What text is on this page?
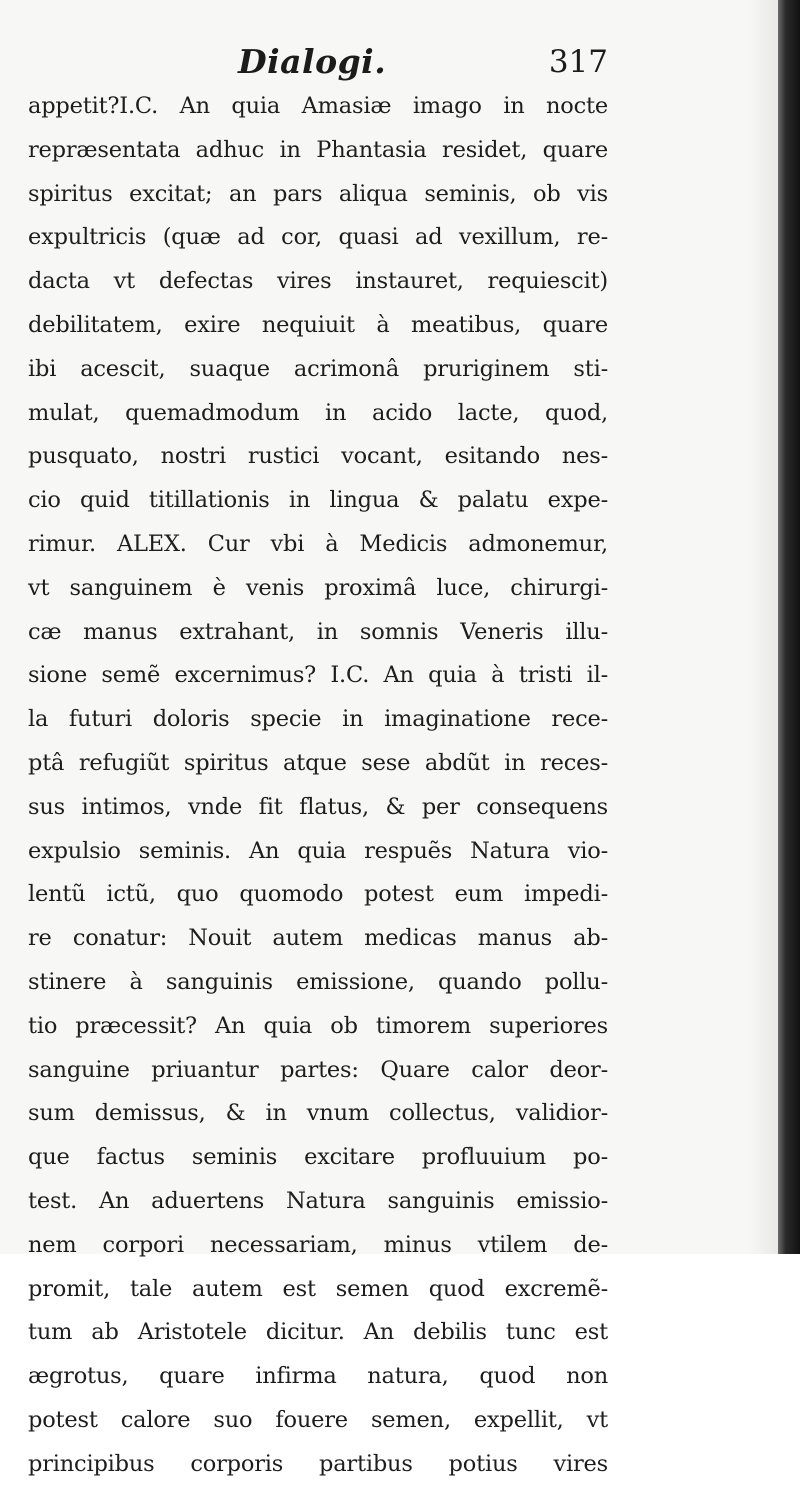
Dialogi.	317
appetit?I.C. An quia Amasiæ imago in nocte
repræsentata adhuc in Phantasia residet, quare
spiritus excitat; an pars aliqua seminis, ob vis
expultricis (quæ ad cor, quasi ad vexillum, re-
dacta vt defectas vires instauret, requiescit)
debilitatem, exire nequiuit à meatibus, quare
ibi acescit, suaque acrimonâ pruriginem sti-
mulat, quemadmodum in acido lacte, quod,
pusquato, nostri rustici vocant, esitando nes-
cio quid titillationis in lingua & palatu expe-
rimur. ALEX. Cur vbi à Medicis admonemur,
vt sanguinem è venis proximâ luce, chirurgi-
cæ manus extrahant, in somnis Veneris illu-
sione semẽ excernimus? I.C. An quia à tristi il-
la futuri doloris specie in imaginatione rece-
ptâ refugiũt spiritus atque sese abdũt in reces-
sus intimos, vnde fit flatus, & per consequens
expulsio seminis. An quia respuẽs Natura vio-
lentũ ictũ, quo quomodo potest eum impedi-
re conatur: Nouit autem medicas manus ab-
stinere à sanguinis emissione, quando pollu-
tio præcessit? An quia ob timorem superiores
sanguine priuantur partes: Quare calor deor-
sum demissus, & in vnum collectus, validior-
que factus seminis excitare profluuium po-
test. An aduertens Natura sanguinis emissio-
nem corpori necessariam, minus vtilem de-
promit, tale autem est semen quod excremẽ-
tum ab Aristotele dicitur. An debilis tunc est
ægrotus, quare infirma natura, quod non
potest calore suo fouere semen, expellit, vt
principibus corporis partibus potius vires
